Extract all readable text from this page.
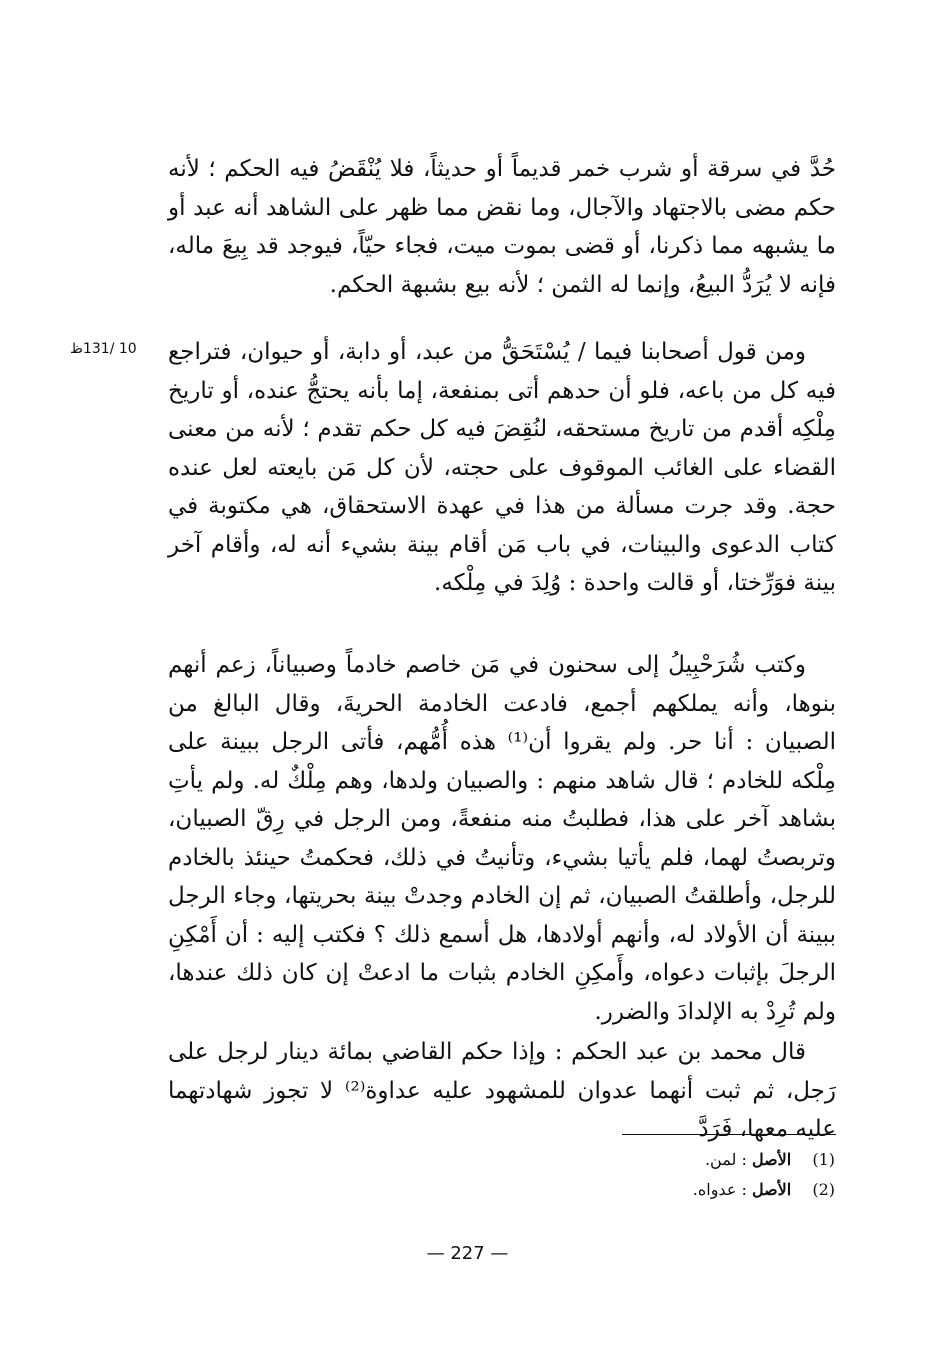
10 /131ظ

حُدَّ في سرقة أو شرب خمر قديماً أو حديثاً، فلا يُنْقَضُ فيه الحكم ؛ لأنه حكم مضى بالاجتهاد والآجال، وما نقض مما ظهر على الشاهد أنه عبد أو ما يشبهه مما ذكرنا، أو قضى بموت ميت، فجاء حيّاً، فيوجد قد بِيعَ ماله، فإنه لا يُرَدُّ البيعُ، وإنما له الثمن ؛ لأنه بيع بشبهة الحكم.

ومن قول أصحابنا فيما / يُسْتَحَقُّ من عبد، أو دابة، أو حيوان، فتراجع فيه كل من باعه، فلو أن حدهم أتى بمنفعة، إما بأنه يحتجُّ عنده، أو تاريخ مِلْكِه أقدم من تاريخ مستحقه، لنُقِضَ فيه كل حكم تقدم ؛ لأنه من معنى القضاء على الغائب الموقوف على حجته، لأن كل مَن بايعته لعل عنده حجة. وقد جرت مسألة من هذا في عهدة الاستحقاق، هي مكتوبة في كتاب الدعوى والبينات، في باب مَن أقام بينة بشيء أنه له، وأقام آخر بينة فوَرِّختا، أو قالت واحدة : وُلِدَ في مِلْكه.

وكتب شُرَحْبِيلُ إلى سحنون في مَن خاصم خادماً وصبياناً، زعم أنهم بنوها، وأنه يملكهم أجمع، فادعت الخادمة الحريةَ، وقال البالغ من الصبيان : أنا حر. ولم يقروا أن⁽¹⁾ هذه أُمُّهم، فأتى الرجل ببينة على مِلْكه للخادم ؛ قال شاهد منهم : والصبيان ولدها، وهم مِلْكٌ له. ولم يأتِ بشاهد آخر على هذا، فطلبتُ منه منفعةً، ومن الرجل في رِقّ الصبيان، وتربصتُ لهما، فلم يأتيا بشيء، وتأنيتُ في ذلك، فحكمتُ حينئذ بالخادم للرجل، وأطلقتُ الصبيان، ثم إن الخادم وجدتْ بينة بحريتها، وجاء الرجل ببينة أن الأولاد له، وأنهم أولادها، هل أسمع ذلك ؟ فكتب إليه : أن أَمْكِنِ الرجلَ بإثبات دعواه، وأَمكِنِ الخادم بثبات ما ادعتْ إن كان ذلك عندها، ولم تُرِدْ به الإلدادَ والضرر.

قال محمد بن عبد الحكم : وإذا حكم القاضي بمائة دينار لرجل على رَجل، ثم ثبت أنهما عدوان للمشهود عليه عداوة⁽²⁾ لا تجوز شهادتهما عليه معها، فَرَدَّ

(1) الأصل : لمن.
(2) الأصل : عدواه.
— 227 —
